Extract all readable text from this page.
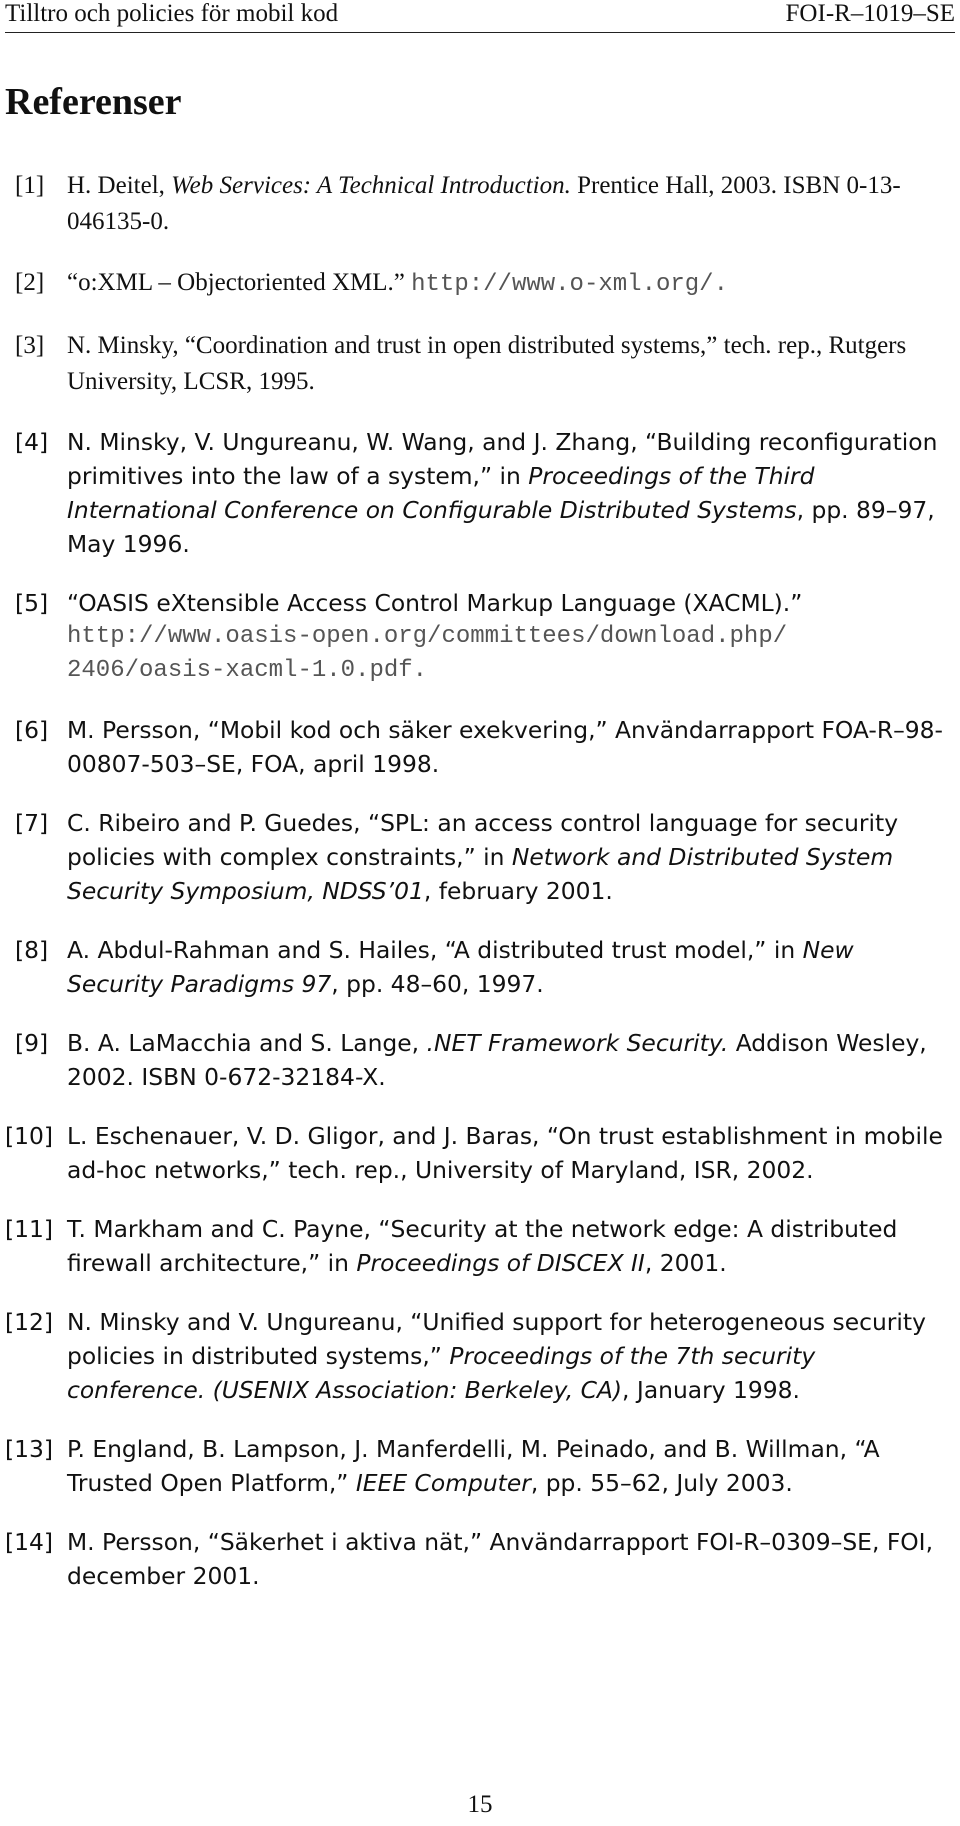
Tilltro och policies för mobil kod	FOI-R–1019–SE
Referenser
[1] H. Deitel, Web Services: A Technical Introduction. Prentice Hall, 2003. ISBN 0-13-046135-0.
[2] “o:XML – Objectoriented XML.” http://www.o-xml.org/.
[3] N. Minsky, “Coordination and trust in open distributed systems,” tech. rep., Rutgers University, LCSR, 1995.
[4] N. Minsky, V. Ungureanu, W. Wang, and J. Zhang, “Building reconfiguration primitives into the law of a system,” in Proceedings of the Third International Conference on Configurable Distributed Systems, pp. 89–97, May 1996.
[5] “OASIS eXtensible Access Control Markup Language (XACML).”
http://www.oasis-open.org/committees/download.php/
2406/oasis-xacml-1.0.pdf.
[6] M. Persson, “Mobil kod och säker exekvering,” Användarrapport FOA-R–98-00807-503–SE, FOA, april 1998.
[7] C. Ribeiro and P. Guedes, “SPL: an access control language for security policies with complex constraints,” in Network and Distributed System Security Symposium, NDSS’01, february 2001.
[8] A. Abdul-Rahman and S. Hailes, “A distributed trust model,” in New Security Paradigms 97, pp. 48–60, 1997.
[9] B. A. LaMacchia and S. Lange, .NET Framework Security. Addison Wesley, 2002. ISBN 0-672-32184-X.
[10] L. Eschenauer, V. D. Gligor, and J. Baras, “On trust establishment in mobile ad-hoc networks,” tech. rep., University of Maryland, ISR, 2002.
[11] T. Markham and C. Payne, “Security at the network edge: A distributed firewall architecture,” in Proceedings of DISCEX II, 2001.
[12] N. Minsky and V. Ungureanu, “Unified support for heterogeneous security policies in distributed systems,” Proceedings of the 7th security conference. (USENIX Association: Berkeley, CA), January 1998.
[13] P. England, B. Lampson, J. Manferdelli, M. Peinado, and B. Willman, “A Trusted Open Platform,” IEEE Computer, pp. 55–62, July 2003.
[14] M. Persson, “Säkerhet i aktiva nät,” Användarrapport FOI-R–0309–SE, FOI, december 2001.
15
